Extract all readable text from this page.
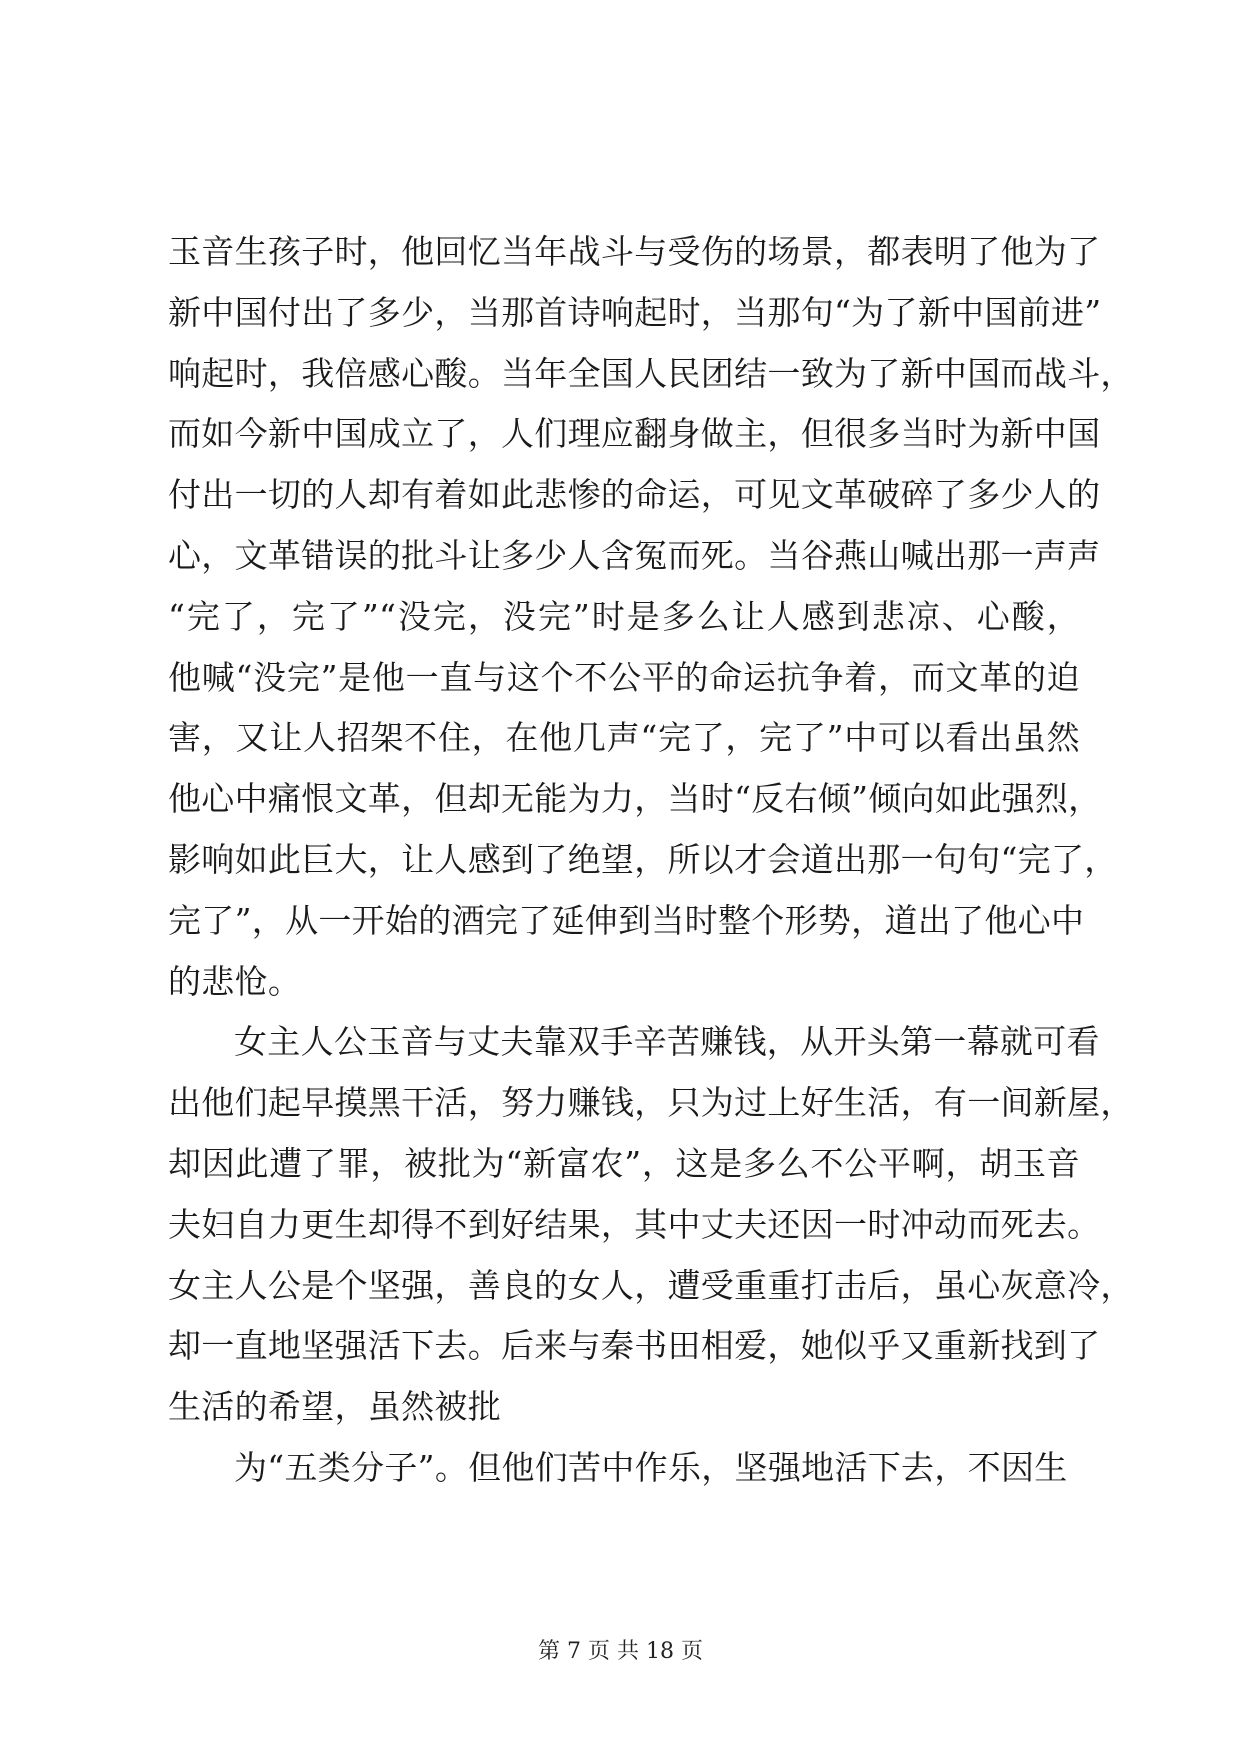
玉音生孩子时，他回忆当年战斗与受伤的场景，都表明了他为了
新中国付出了多少，当那首诗响起时，当那句“为了新中国前进”
响起时，我倍感心酸。当年全国人民团结一致为了新中国而战斗，
而如今新中国成立了，人们理应翻身做主，但很多当时为新中国
付出一切的人却有着如此悲惨的命运，可见文革破碎了多少人的
心，文革错误的批斗让多少人含冤而死。当谷燕山喊出那一声声
“完了，完了”“没完，没完”时是多么让人感到悲凉、心酸，
他喊“没完”是他一直与这个不公平的命运抗争着，而文革的迫
害，又让人招架不住，在他几声“完了，完了”中可以看出虽然
他心中痛恨文革，但却无能为力，当时“反右倾”倾向如此强烈，
影响如此巨大，让人感到了绝望，所以才会道出那一句句“完了，
完了”，从一开始的酒完了延伸到当时整个形势，道出了他心中
的悲怆。
女主人公玉音与丈夫靠双手辛苦赚钱，从开头第一幕就可看
出他们起早摸黑干活，努力赚钱，只为过上好生活，有一间新屋，
却因此遭了罪，被批为“新富农”，这是多么不公平啊，胡玉音
夫妇自力更生却得不到好结果，其中丈夫还因一时冲动而死去。
女主人公是个坚强，善良的女人，遭受重重打击后，虽心灰意冷，
却一直地坚强活下去。后来与秦书田相爱，她似乎又重新找到了
生活的希望，虽然被批
为“五类分子”。但他们苦中作乐，坚强地活下去，不因生
第 7 页 共 18 页
